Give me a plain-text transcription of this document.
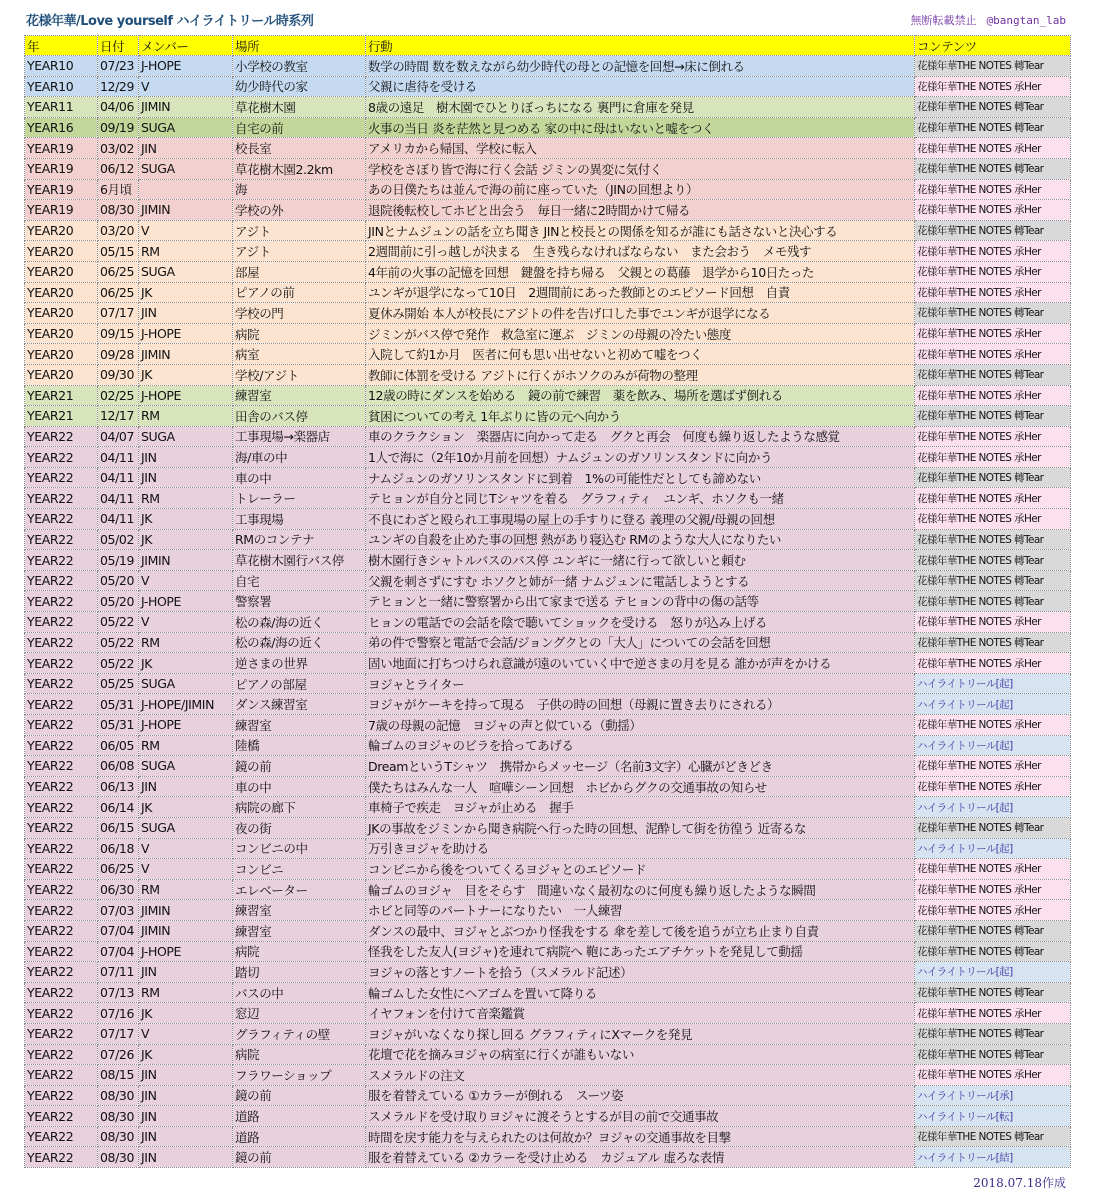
花様年華/Love yourself ハイライトリール時系列	無断転載禁止 @bangtan_lab
年	日付	メンバー	場所	行動	コンテンツ
YEAR10	07/23	J-HOPE	小学校の教室	数学の時間 数を数えながら幼少時代の母との記憶を回想→床に倒れる	花様年華THE NOTES 轉Tear
YEAR10	12/29	V	幼少時代の家	父親に虐待を受ける	花様年華THE NOTES 承Her
YEAR11	04/06	JIMIN	草花樹木園	8歳の遠足　樹木園でひとりぼっちになる 裏門に倉庫を発見	花様年華THE NOTES 轉Tear
YEAR16	09/19	SUGA	自宅の前	火事の当日 炎を茫然と見つめる 家の中に母はいないと嘘をつく	花様年華THE NOTES 轉Tear
YEAR19	03/02	JIN	校長室	アメリカから帰国、学校に転入	花様年華THE NOTES 承Her
YEAR19	06/12	SUGA	草花樹木園2.2km	学校をさぼり皆で海に行く会話 ジミンの異変に気付く	花様年華THE NOTES 轉Tear
YEAR19	6月頃		海	あの日僕たちは並んで海の前に座っていた（JINの回想より）	花様年華THE NOTES 承Her
YEAR19	08/30	JIMIN	学校の外	退院後転校してホビと出会う　毎日一緒に2時間かけて帰る	花様年華THE NOTES 承Her
YEAR20	03/20	V	アジト	JINとナムジュンの話を立ち聞き JINと校長との関係を知るが誰にも話さないと決心する	花様年華THE NOTES 轉Tear
YEAR20	05/15	RM	アジト	2週間前に引っ越しが決まる　生き残らなければならない　また会おう　メモ残す	花様年華THE NOTES 承Her
YEAR20	06/25	SUGA	部屋	4年前の火事の記憶を回想　鍵盤を持ち帰る　父親との葛藤　退学から10日たった	花様年華THE NOTES 承Her
YEAR20	06/25	JK	ピアノの前	ユンギが退学になって10日　2週間前にあった教師とのエピソード回想　自責	花様年華THE NOTES 承Her
YEAR20	07/17	JIN	学校の門	夏休み開始 本人が校長にアジトの件を告げ口した事でユンギが退学になる	花様年華THE NOTES 轉Tear
YEAR20	09/15	J-HOPE	病院	ジミンがバス停で発作　救急室に運ぶ　ジミンの母親の冷たい態度	花様年華THE NOTES 承Her
YEAR20	09/28	JIMIN	病室	入院して約1か月　医者に何も思い出せないと初めて嘘をつく	花様年華THE NOTES 承Her
YEAR20	09/30	JK	学校/アジト	教師に体罰を受ける アジトに行くがホソクのみが荷物の整理	花様年華THE NOTES 轉Tear
YEAR21	02/25	J-HOPE	練習室	12歳の時にダンスを始める　鏡の前で練習　薬を飲み、場所を選ばず倒れる	花様年華THE NOTES 承Her
YEAR21	12/17	RM	田舎のバス停	貧困についての考え 1年ぶりに皆の元へ向かう	花様年華THE NOTES 轉Tear
YEAR22	04/07	SUGA	工事現場→楽器店	車のクラクション　楽器店に向かって走る　グクと再会　何度も繰り返したような感覚	花様年華THE NOTES 承Her
YEAR22	04/11	JIN	海/車の中	1人で海に（2年10か月前を回想）ナムジュンのガソリンスタンドに向かう	花様年華THE NOTES 承Her
YEAR22	04/11	JIN	車の中	ナムジュンのガソリンスタンドに到着　1%の可能性だとしても諦めない	花様年華THE NOTES 轉Tear
YEAR22	04/11	RM	トレーラー	テヒョンが自分と同じTシャツを着る　グラフィティ　ユンギ、ホソクも一緒	花様年華THE NOTES 承Her
YEAR22	04/11	JK	工事現場	不良にわざと殴られ工事現場の屋上の手すりに登る 義理の父親/母親の回想	花様年華THE NOTES 承Her
YEAR22	05/02	JK	RMのコンテナ	ユンギの自殺を止めた事の回想 熱があり寝込む RMのような大人になりたい	花様年華THE NOTES 轉Tear
YEAR22	05/19	JIMIN	草花樹木園行バス停	樹木園行きシャトルバスのバス停 ユンギに一緒に行って欲しいと頼む	花様年華THE NOTES 轉Tear
YEAR22	05/20	V	自宅	父親を刺さずにすむ ホソクと姉が一緒 ナムジュンに電話しようとする	花様年華THE NOTES 轉Tear
YEAR22	05/20	J-HOPE	警察署	テヒョンと一緒に警察署から出て家まで送る テヒョンの背中の傷の話等	花様年華THE NOTES 轉Tear
YEAR22	05/22	V	松の森/海の近く	ヒョンの電話での会話を陰で聴いてショックを受ける　怒りが込み上げる	花様年華THE NOTES 承Her
YEAR22	05/22	RM	松の森/海の近く	弟の件で警察と電話で会話/ジョングクとの「大人」についての会話を回想	花様年華THE NOTES 轉Tear
YEAR22	05/22	JK	逆さまの世界	固い地面に打ちつけられ意識が遠のいていく中で逆さまの月を見る 誰かが声をかける	花様年華THE NOTES 承Her
YEAR22	05/25	SUGA	ピアノの部屋	ヨジャとライター	ハイライトリール[起]
YEAR22	05/31	J-HOPE/JIMIN	ダンス練習室	ヨジャがケーキを持って現る　子供の時の回想（母親に置き去りにされる）	ハイライトリール[起]
YEAR22	05/31	J-HOPE	練習室	7歳の母親の記憶　ヨジャの声と似ている（動揺）	花様年華THE NOTES 承Her
YEAR22	06/05	RM	陸橋	輪ゴムのヨジャのビラを拾ってあげる	ハイライトリール[起]
YEAR22	06/08	SUGA	鏡の前	DreamというTシャツ　携帯からメッセージ（名前3文字）心臓がどきどき	花様年華THE NOTES 承Her
YEAR22	06/13	JIN	車の中	僕たちはみんな一人　喧嘩シーン回想　ホビからグクの交通事故の知らせ	花様年華THE NOTES 承Her
YEAR22	06/14	JK	病院の廊下	車椅子で疾走　ヨジャが止める　握手	ハイライトリール[起]
YEAR22	06/15	SUGA	夜の街	JKの事故をジミンから聞き病院へ行った時の回想、泥酔して街を彷徨う 近寄るな	花様年華THE NOTES 轉Tear
YEAR22	06/18	V	コンビニの中	万引きヨジャを助ける	ハイライトリール[起]
YEAR22	06/25	V	コンビニ	コンビニから後をついてくるヨジャとのエピソード	花様年華THE NOTES 承Her
YEAR22	06/30	RM	エレベーター	輪ゴムのヨジャ　目をそらす　間違いなく最初なのに何度も繰り返したような瞬間	花様年華THE NOTES 承Her
YEAR22	07/03	JIMIN	練習室	ホビと同等のパートナーになりたい　一人練習	花様年華THE NOTES 承Her
YEAR22	07/04	JIMIN	練習室	ダンスの最中、ヨジャとぶつかり怪我をする 傘を差して後を追うが立ち止まり自責	花様年華THE NOTES 轉Tear
YEAR22	07/04	J-HOPE	病院	怪我をした友人(ヨジャ)を連れて病院へ 鞄にあったエアチケットを発見して動揺	花様年華THE NOTES 轉Tear
YEAR22	07/11	JIN	踏切	ヨジャの落とすノートを拾う（スメラルド記述）	ハイライトリール[起]
YEAR22	07/13	RM	バスの中	輪ゴムした女性にヘアゴムを置いて降りる	花様年華THE NOTES 轉Tear
YEAR22	07/16	JK	窓辺	イヤフォンを付けて音楽鑑賞	花様年華THE NOTES 承Her
YEAR22	07/17	V	グラフィティの壁	ヨジャがいなくなり探し回る グラフィティにXマークを発見	花様年華THE NOTES 轉Tear
YEAR22	07/26	JK	病院	花壇で花を摘みヨジャの病室に行くが誰もいない	花様年華THE NOTES 轉Tear
YEAR22	08/15	JIN	フラワーショップ	スメラルドの注文	花様年華THE NOTES 承Her
YEAR22	08/30	JIN	鏡の前	服を着替えている ①カラーが倒れる　スーツ姿	ハイライトリール[承]
YEAR22	08/30	JIN	道路	スメラルドを受け取りヨジャに渡そうとするが目の前で交通事故	ハイライトリール[転]
YEAR22	08/30	JIN	道路	時間を戻す能力を与えられたのは何故か？ヨジャの交通事故を目撃	花様年華THE NOTES 轉Tear
YEAR22	08/30	JIN	鏡の前	服を着替えている ②カラーを受け止める　カジュアル 虚ろな表情	ハイライトリール[結]
2018.07.18作成
